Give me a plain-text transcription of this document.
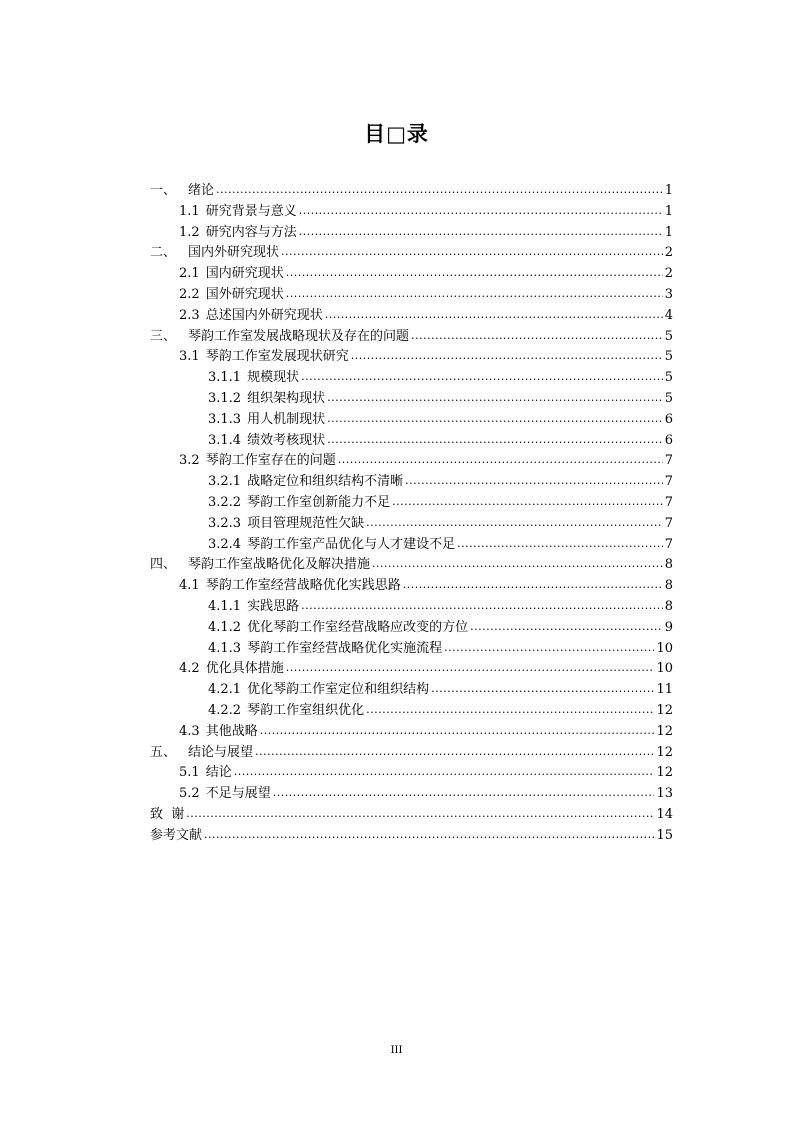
目□录
一、 绪论 .....	1
1.1 研究背景与意义 .....	1
1.2 研究内容与方法 .....	1
二、 国内外研究现状 .....	2
2.1 国内研究现状 .....	2
2.2 国外研究现状 .....	3
2.3 总述国内外研究现状 .....	4
三、 琴韵工作室发展战略现状及存在的问题 .....	5
3.1 琴韵工作室发展现状研究 .....	5
3.1.1 规模现状 .....	5
3.1.2 组织架构现状 .....	5
3.1.3 用人机制现状 .....	6
3.1.4 绩效考核现状 .....	6
3.2 琴韵工作室存在的问题 .....	7
3.2.1 战略定位和组织结构不清晰 .....	7
3.2.2 琴韵工作室创新能力不足 .....	7
3.2.3 项目管理规范性欠缺 .....	7
3.2.4 琴韵工作室产品优化与人才建设不足 .....	7
四、 琴韵工作室战略优化及解决措施 .....	8
4.1 琴韵工作室经营战略优化实践思路 .....	8
4.1.1 实践思路 .....	8
4.1.2 优化琴韵工作室经营战略应改变的方位 .....	9
4.1.3 琴韵工作室经营战略优化实施流程 .....	10
4.2 优化具体措施 .....	10
4.2.1 优化琴韵工作室定位和组织结构 .....	11
4.2.2 琴韵工作室组织优化 .....	12
4.3 其他战略 .....	12
五、 结论与展望 .....	12
5.1 结论 .....	12
5.2 不足与展望 .....	13
致  谢 .....	14
参考文献 .....	15
III
